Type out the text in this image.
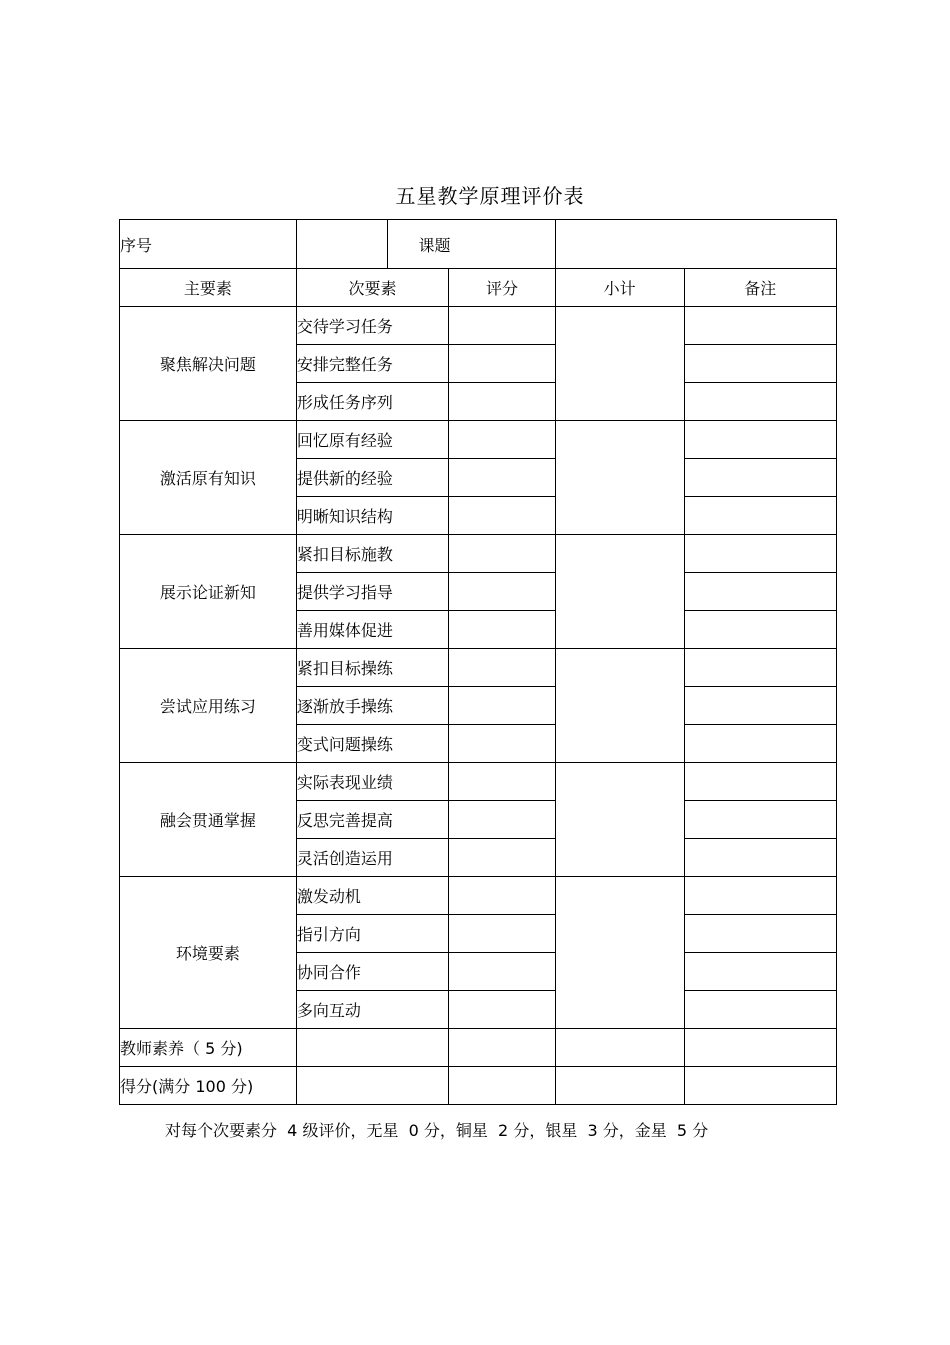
五星教学原理评价表
序号		课题			
主要素	次要素		评分	小计	备注
聚焦解决问题	交待学习任务				
	安排完整任务				
	形成任务序列				
激活原有知识	回忆原有经验				
	提供新的经验				
	明晰知识结构				
展示论证新知	紧扣目标施教				
	提供学习指导				
	善用媒体促进				
尝试应用练习	紧扣目标操练				
	逐渐放手操练				
	变式问题操练				
融会贯通掌握	实际表现业绩				
	反思完善提高				
	灵活创造运用				
环境要素	激发动机				
	指引方向				
	协同合作				
	多向互动				
教师素养（ 5 分)					
得分(满分 100 分)					
对每个次要素分  4 级评价，无星  0 分，铜星  2 分，银星  3 分，金星  5 分
